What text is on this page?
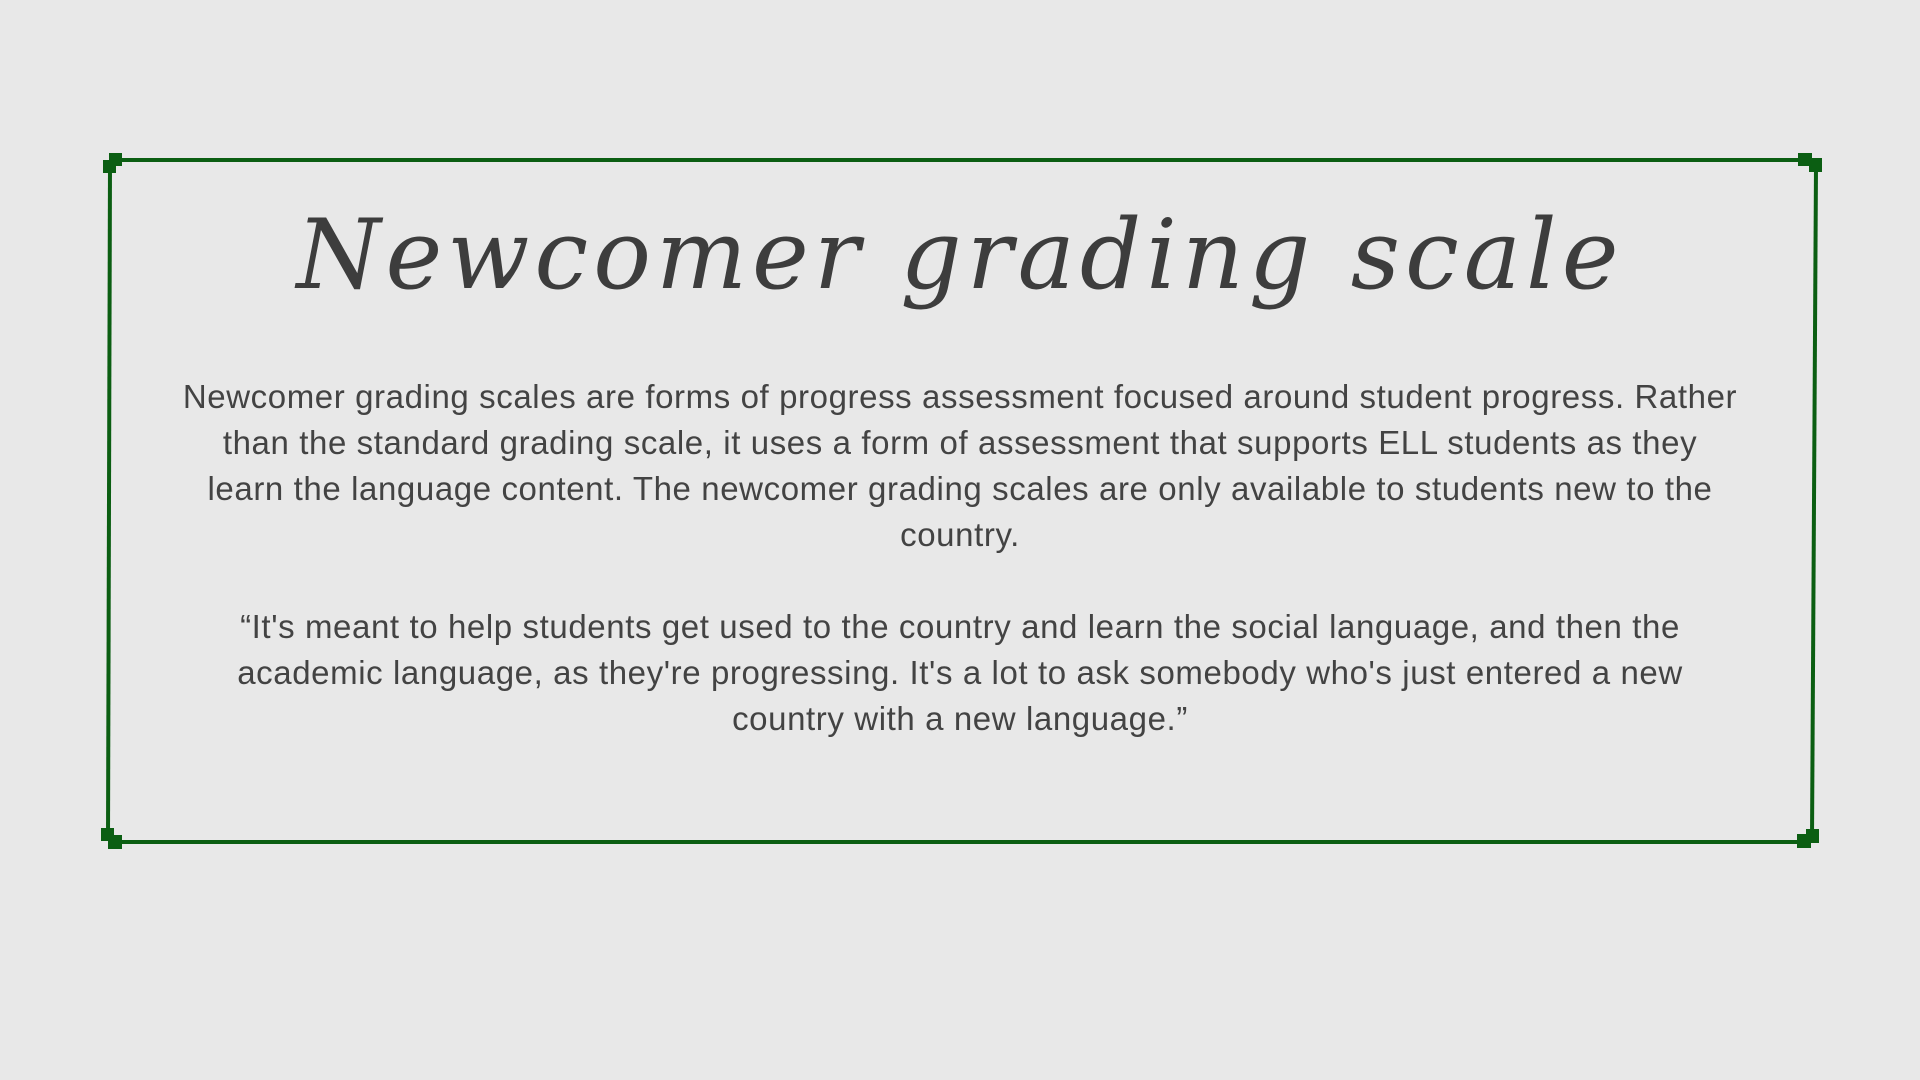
Newcomer grading scale

Newcomer grading scales are forms of progress assessment focused around student progress. Rather than the standard grading scale, it uses a form of assessment that supports ELL students as they learn the language content. The newcomer grading scales are only available to students new to the country.

“It's meant to help students get used to the country and learn the social language, and then the academic language, as they're progressing. It's a lot to ask somebody who's just entered a new country with a new language.”
